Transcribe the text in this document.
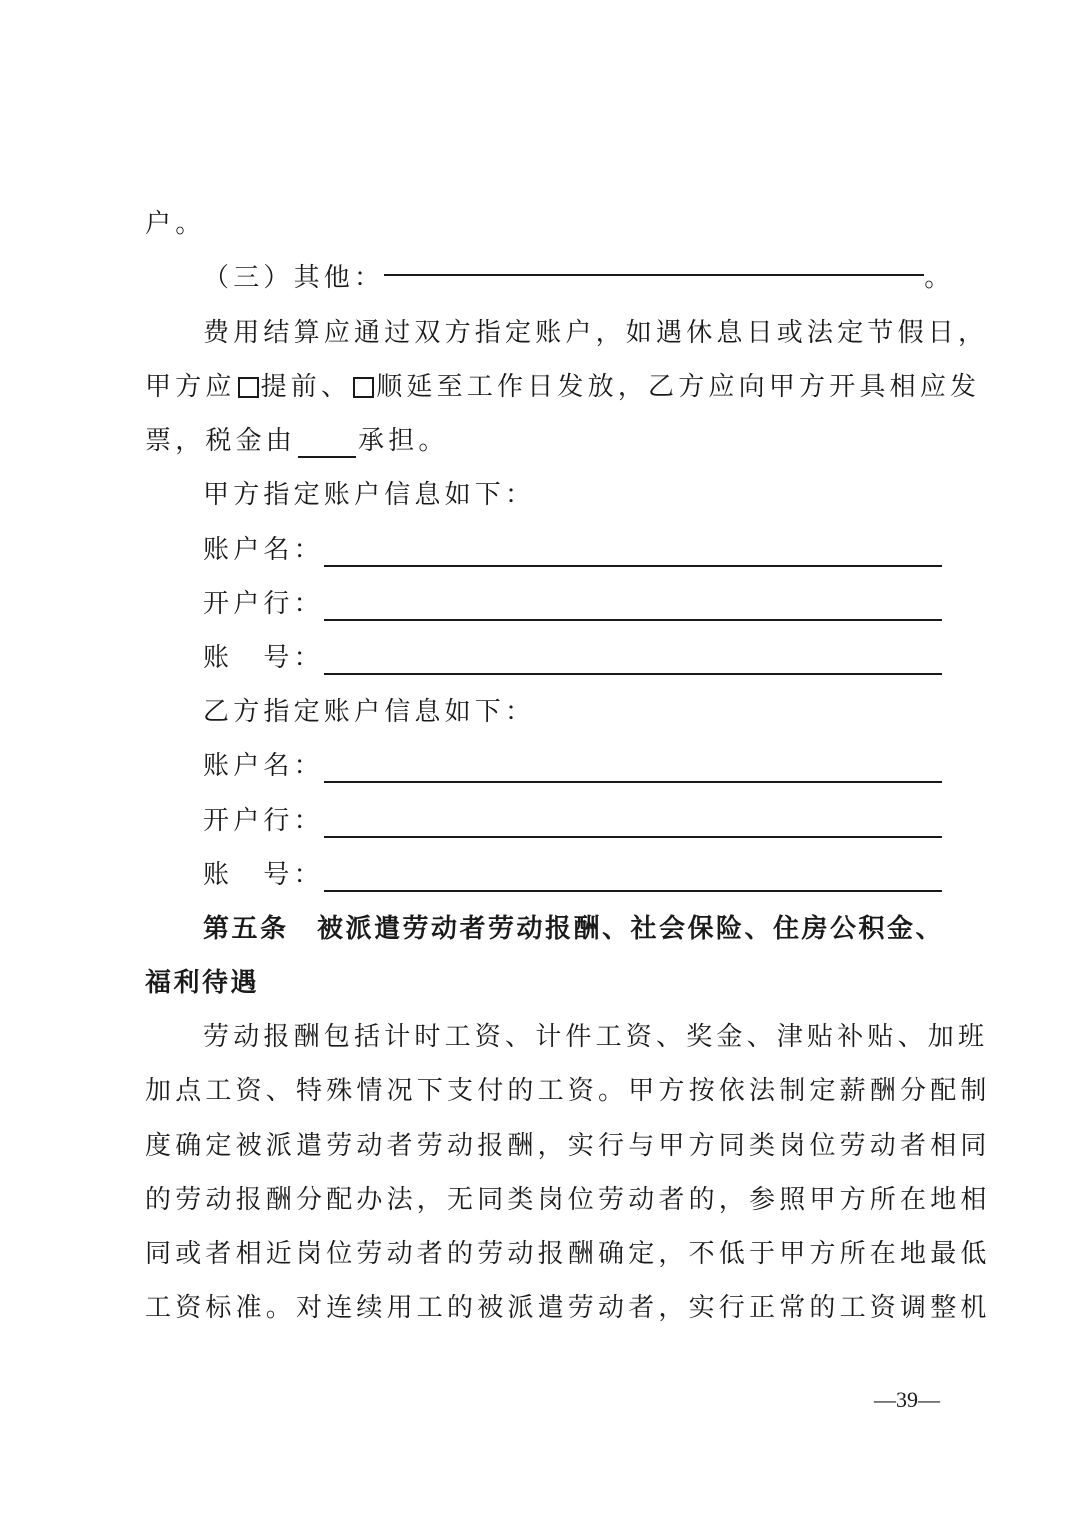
户。
（三）其他：	。
费用结算应通过双方指定账户，如遇休息日或法定节假日，
甲方应 提前、 顺延至工作日发放，乙方应向甲方开具相应发
票，税金由 承担。
甲方指定账户信息如下：
账户名：
开户行：
账　号：
乙方指定账户信息如下：
账户名：
开户行：
账　号：
第五条　被派遣劳动者劳动报酬、社会保险、住房公积金、
福利待遇
劳动报酬包括计时工资、计件工资、奖金、津贴补贴、加班
加点工资、特殊情况下支付的工资。甲方按依法制定薪酬分配制
度确定被派遣劳动者劳动报酬，实行与甲方同类岗位劳动者相同
的劳动报酬分配办法，无同类岗位劳动者的，参照甲方所在地相
同或者相近岗位劳动者的劳动报酬确定，不低于甲方所在地最低
工资标准。对连续用工的被派遣劳动者，实行正常的工资调整机
—39—
